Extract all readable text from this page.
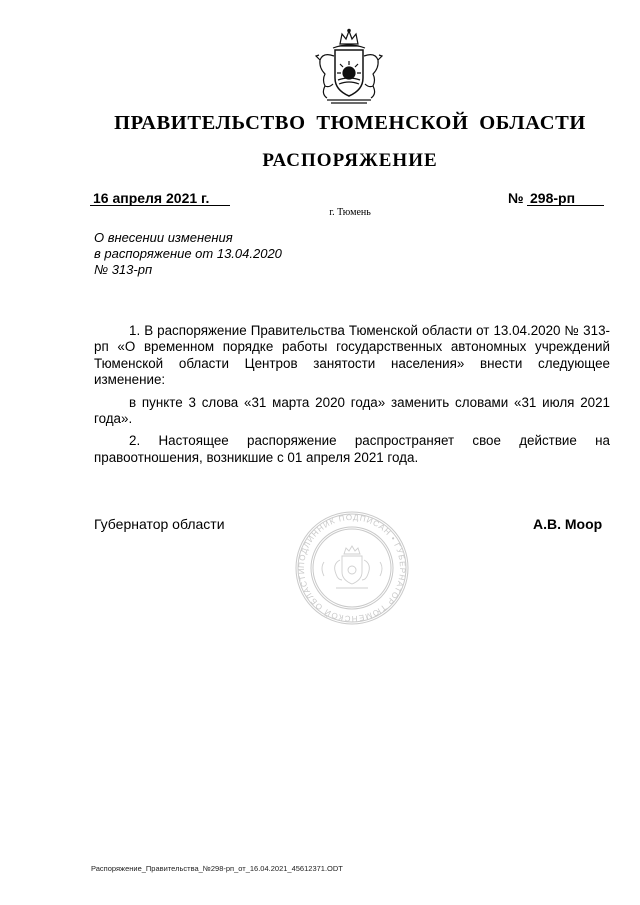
ПРАВИТЕЛЬСТВО ТЮМЕНСКОЙ ОБЛАСТИ
РАСПОРЯЖЕНИЕ
16 апреля 2021 г.	№ 298-рп
г. Тюмень
О внесении изменения
в распоряжение от 13.04.2020
№ 313-рп

1. В распоряжение Правительства Тюменской области от 13.04.2020 № 313-рп «О временном порядке работы государственных автономных учреждений Тюменской области Центров занятости населения» внести следующее изменение:

в пункте 3 слова «31 марта 2020 года» заменить словами «31 июля 2021 года».

2. Настоящее распоряжение распространяет свое действие на правоотношения, возникшие с 01 апреля 2021 года.

Губернатор области	А.В. Моор
ПОДЛИННИК ПОДПИСАН • ГУБЕРНАТОР ТЮМЕНСКОЙ ОБЛАСТИ
Распоряжение_Правительства_№298-рп_от_16.04.2021_45612371.ODT
